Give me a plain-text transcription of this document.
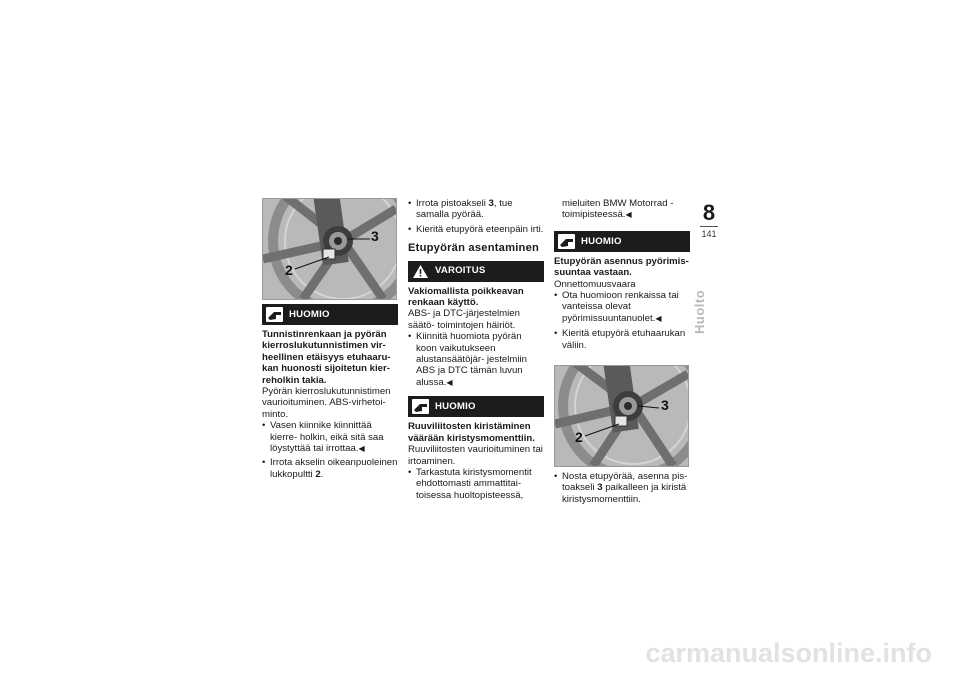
3
2
HUOMIO

Tunnistinrenkaan ja pyörän kierroslukutunnistimen vir- heellinen etäisyys etuhaaru- kan huonosti sijoitetun kier- reholkin takia.

Pyörän kierroslukutunnistimen vaurioituminen. ABS-virhetoi- minto.

• Vasen kiinnike kiinnittää kierre- holkin, eikä sitä saa löystyttää tai irrottaa.◀
• Irrota akselin oikeanpuoleinen lukkopultti 2.
• Irrota pistoakseli 3, tue samalla pyörää.
• Kieritä etupyörä eteenpäin irti.

Etupyörän asentaminen

VAROITUS

Vakiomallista poikkeavan renkaan käyttö.

ABS- ja DTC-järjestelmien säätö- toimintojen häiriöt.

• Kiinnitä huomiota pyörän koon vaikutukseen alustansäätöjär- jestelmiin ABS ja DTC tämän luvun alussa.◀
HUOMIO

Ruuviliitosten kiristäminen väärään kiristysmomenttiin.

Ruuviliitosten vaurioituminen tai irtoaminen.

• Tarkastuta kiristysmomentit ehdottomasti ammattitai- toisessa huoltopisteessä,

mieluiten BMW Motorrad - toimipisteessä.◀

HUOMIO

Etupyörän asennus pyörimis- suuntaa vastaan.

Onnettomuusvaara

• Ota huomioon renkaissa tai vanteissa olevat pyörimissuuntanuolet.◀
• Kieritä etupyörä etuhaarukan väliin.
3
2
• Nosta etupyörää, asenna pis- toakseli 3 paikalleen ja kiristä kiristysmomenttiin.
8
141
Huolto
carmanualsonline.info
